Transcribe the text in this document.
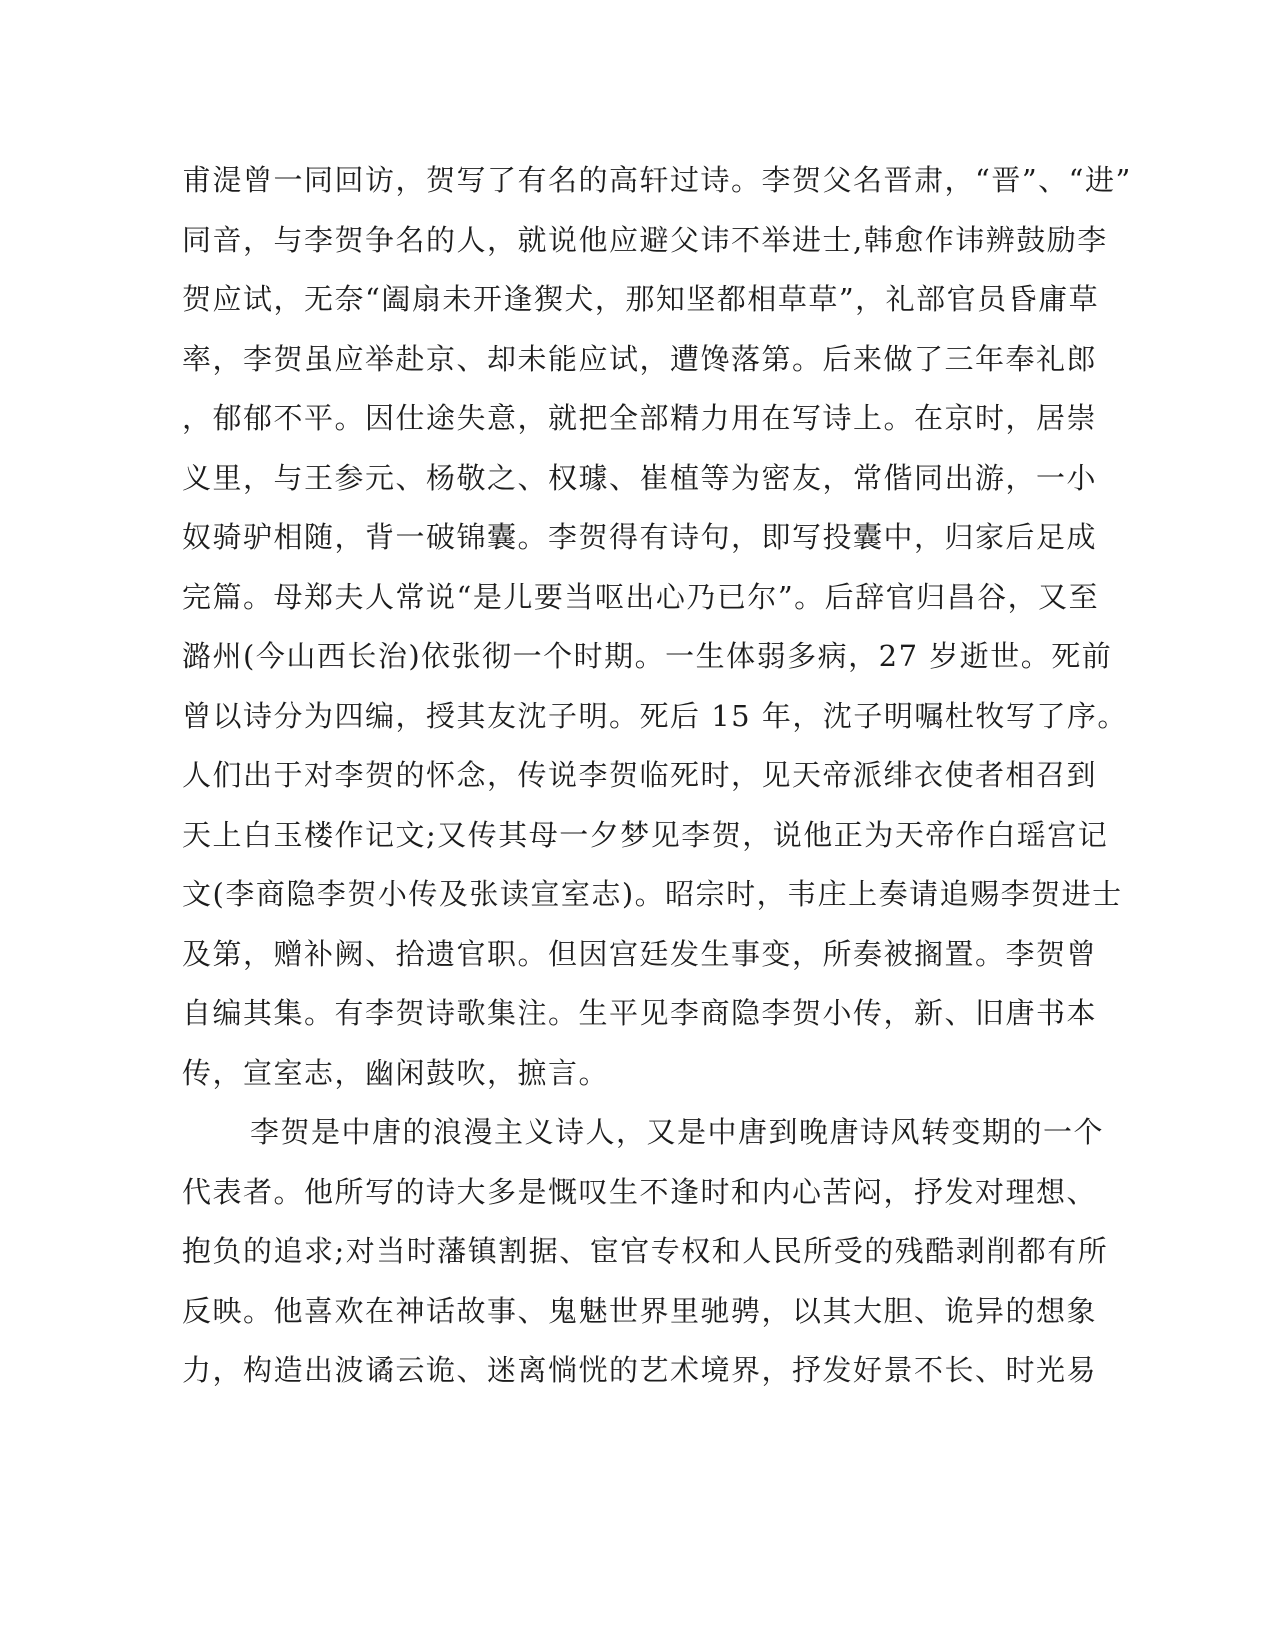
甫湜曾一同回访，贺写了有名的高轩过诗。李贺父名晋肃，“晋”、“进”
同音，与李贺争名的人，就说他应避父讳不举进士,韩愈作讳辨鼓励李
贺应试，无奈“阖扇未开逢猰犬，那知坚都相草草”，礼部官员昏庸草
率，李贺虽应举赴京、却未能应试，遭馋落第。后来做了三年奉礼郎
，郁郁不平。因仕途失意，就把全部精力用在写诗上。在京时，居崇
义里，与王参元、杨敬之、权璩、崔植等为密友，常偕同出游，一小
奴骑驴相随，背一破锦囊。李贺得有诗句，即写投囊中，归家后足成
完篇。母郑夫人常说“是儿要当呕出心乃已尔”。后辞官归昌谷，又至
潞州(今山西长治)依张彻一个时期。一生体弱多病，27 岁逝世。死前
曾以诗分为四编，授其友沈子明。死后 15 年，沈子明嘱杜牧写了序。
人们出于对李贺的怀念，传说李贺临死时，见天帝派绯衣使者相召到
天上白玉楼作记文;又传其母一夕梦见李贺，说他正为天帝作白瑶宫记
文(李商隐李贺小传及张读宣室志)。昭宗时，韦庄上奏请追赐李贺进士
及第，赠补阙、拾遗官职。但因宫廷发生事变，所奏被搁置。李贺曾
自编其集。有李贺诗歌集注。生平见李商隐李贺小传，新、旧唐书本
传，宣室志，幽闲鼓吹，摭言。
李贺是中唐的浪漫主义诗人，又是中唐到晚唐诗风转变期的一个
代表者。他所写的诗大多是慨叹生不逢时和内心苦闷，抒发对理想、
抱负的追求;对当时藩镇割据、宦官专权和人民所受的残酷剥削都有所
反映。他喜欢在神话故事、鬼魅世界里驰骋，以其大胆、诡异的想象
力，构造出波谲云诡、迷离惝恍的艺术境界，抒发好景不长、时光易
